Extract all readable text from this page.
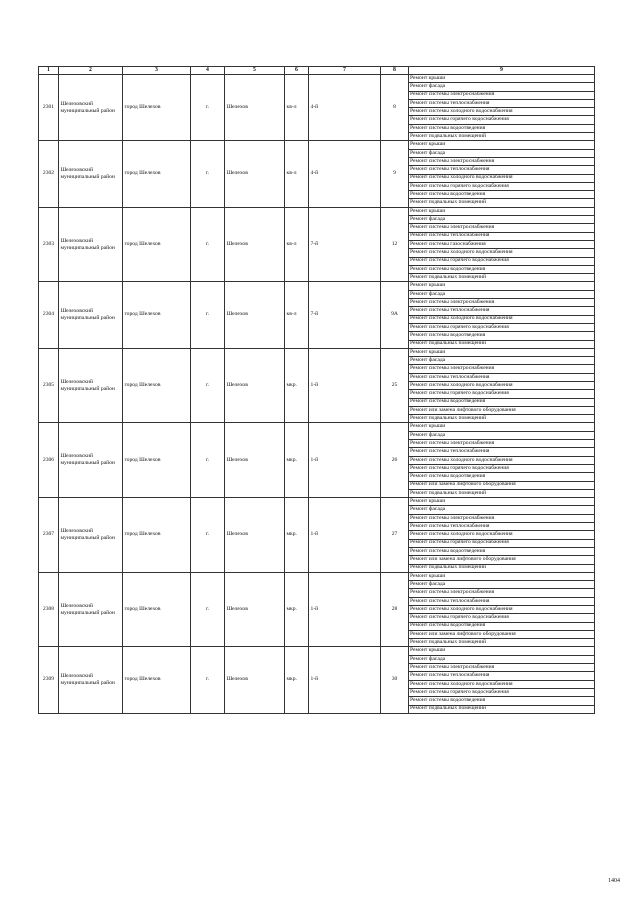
1	2	3	4	5	6	7	8	9
2301	Шелеховский муниципальный район	город Шелехов	г.	Шелехов	кв-л	4-й	8	Ремонт крыши
								Ремонт фасада
								Ремонт системы электроснабжения
								Ремонт системы теплоснабжения
								Ремонт системы холодного водоснабжения
								Ремонт системы горячего водоснабжения
								Ремонт системы водоотведения
								Ремонт подвальных помещений
2302	Шелеховский муниципальный район	город Шелехов	г.	Шелехов	кв-л	4-й	9	Ремонт крыши
								Ремонт фасада
								Ремонт системы электроснабжения
								Ремонт системы теплоснабжения
								Ремонт системы холодного водоснабжения
								Ремонт системы горячего водоснабжения
								Ремонт системы водоотведения
								Ремонт подвальных помещений
2303	Шелеховский муниципальный район	город Шелехов	г.	Шелехов	кв-л	7-й	12	Ремонт крыши
								Ремонт фасада
								Ремонт системы электроснабжения
								Ремонт системы теплоснабжения
								Ремонт системы газоснабжения
								Ремонт системы холодного водоснабжения
								Ремонт системы горячего водоснабжения
								Ремонт системы водоотведения
								Ремонт подвальных помещений
2304	Шелеховский муниципальный район	город Шелехов	г.	Шелехов	кв-л	7-й	9А	Ремонт крыши
								Ремонт фасада
								Ремонт системы электроснабжения
								Ремонт системы теплоснабжения
								Ремонт системы холодного водоснабжения
								Ремонт системы горячего водоснабжения
								Ремонт системы водоотведения
								Ремонт подвальных помещений
2305	Шелеховский муниципальный район	город Шелехов	г.	Шелехов	мкр.	1-й	25	Ремонт крыши
								Ремонт фасада
								Ремонт системы электроснабжения
								Ремонт системы теплоснабжения
								Ремонт системы холодного водоснабжения
								Ремонт системы горячего водоснабжения
								Ремонт системы водоотведения
								Ремонт или замена лифтового оборудования
								Ремонт подвальных помещений
2306	Шелеховский муниципальный район	город Шелехов	г.	Шелехов	мкр.	1-й	26	Ремонт крыши
								Ремонт фасада
								Ремонт системы электроснабжения
								Ремонт системы теплоснабжения
								Ремонт системы холодного водоснабжения
								Ремонт системы горячего водоснабжения
								Ремонт системы водоотведения
								Ремонт или замена лифтового оборудования
								Ремонт подвальных помещений
2307	Шелеховский муниципальный район	город Шелехов	г.	Шелехов	мкр.	1-й	27	Ремонт крыши
								Ремонт фасада
								Ремонт системы электроснабжения
								Ремонт системы теплоснабжения
								Ремонт системы холодного водоснабжения
								Ремонт системы горячего водоснабжения
								Ремонт системы водоотведения
								Ремонт или замена лифтового оборудования
								Ремонт подвальных помещений
2308	Шелеховский муниципальный район	город Шелехов	г.	Шелехов	мкр.	1-й	28	Ремонт крыши
								Ремонт фасада
								Ремонт системы электроснабжения
								Ремонт системы теплоснабжения
								Ремонт системы холодного водоснабжения
								Ремонт системы горячего водоснабжения
								Ремонт системы водоотведения
								Ремонт или замена лифтового оборудования
								Ремонт подвальных помещений
2309	Шелеховский муниципальный район	город Шелехов	г.	Шелехов	мкр.	1-й	30	Ремонт крыши
								Ремонт фасада
								Ремонт системы электроснабжения
								Ремонт системы теплоснабжения
								Ремонт системы холодного водоснабжения
								Ремонт системы горячего водоснабжения
								Ремонт системы водоотведения
								Ремонт подвальных помещений
1404
